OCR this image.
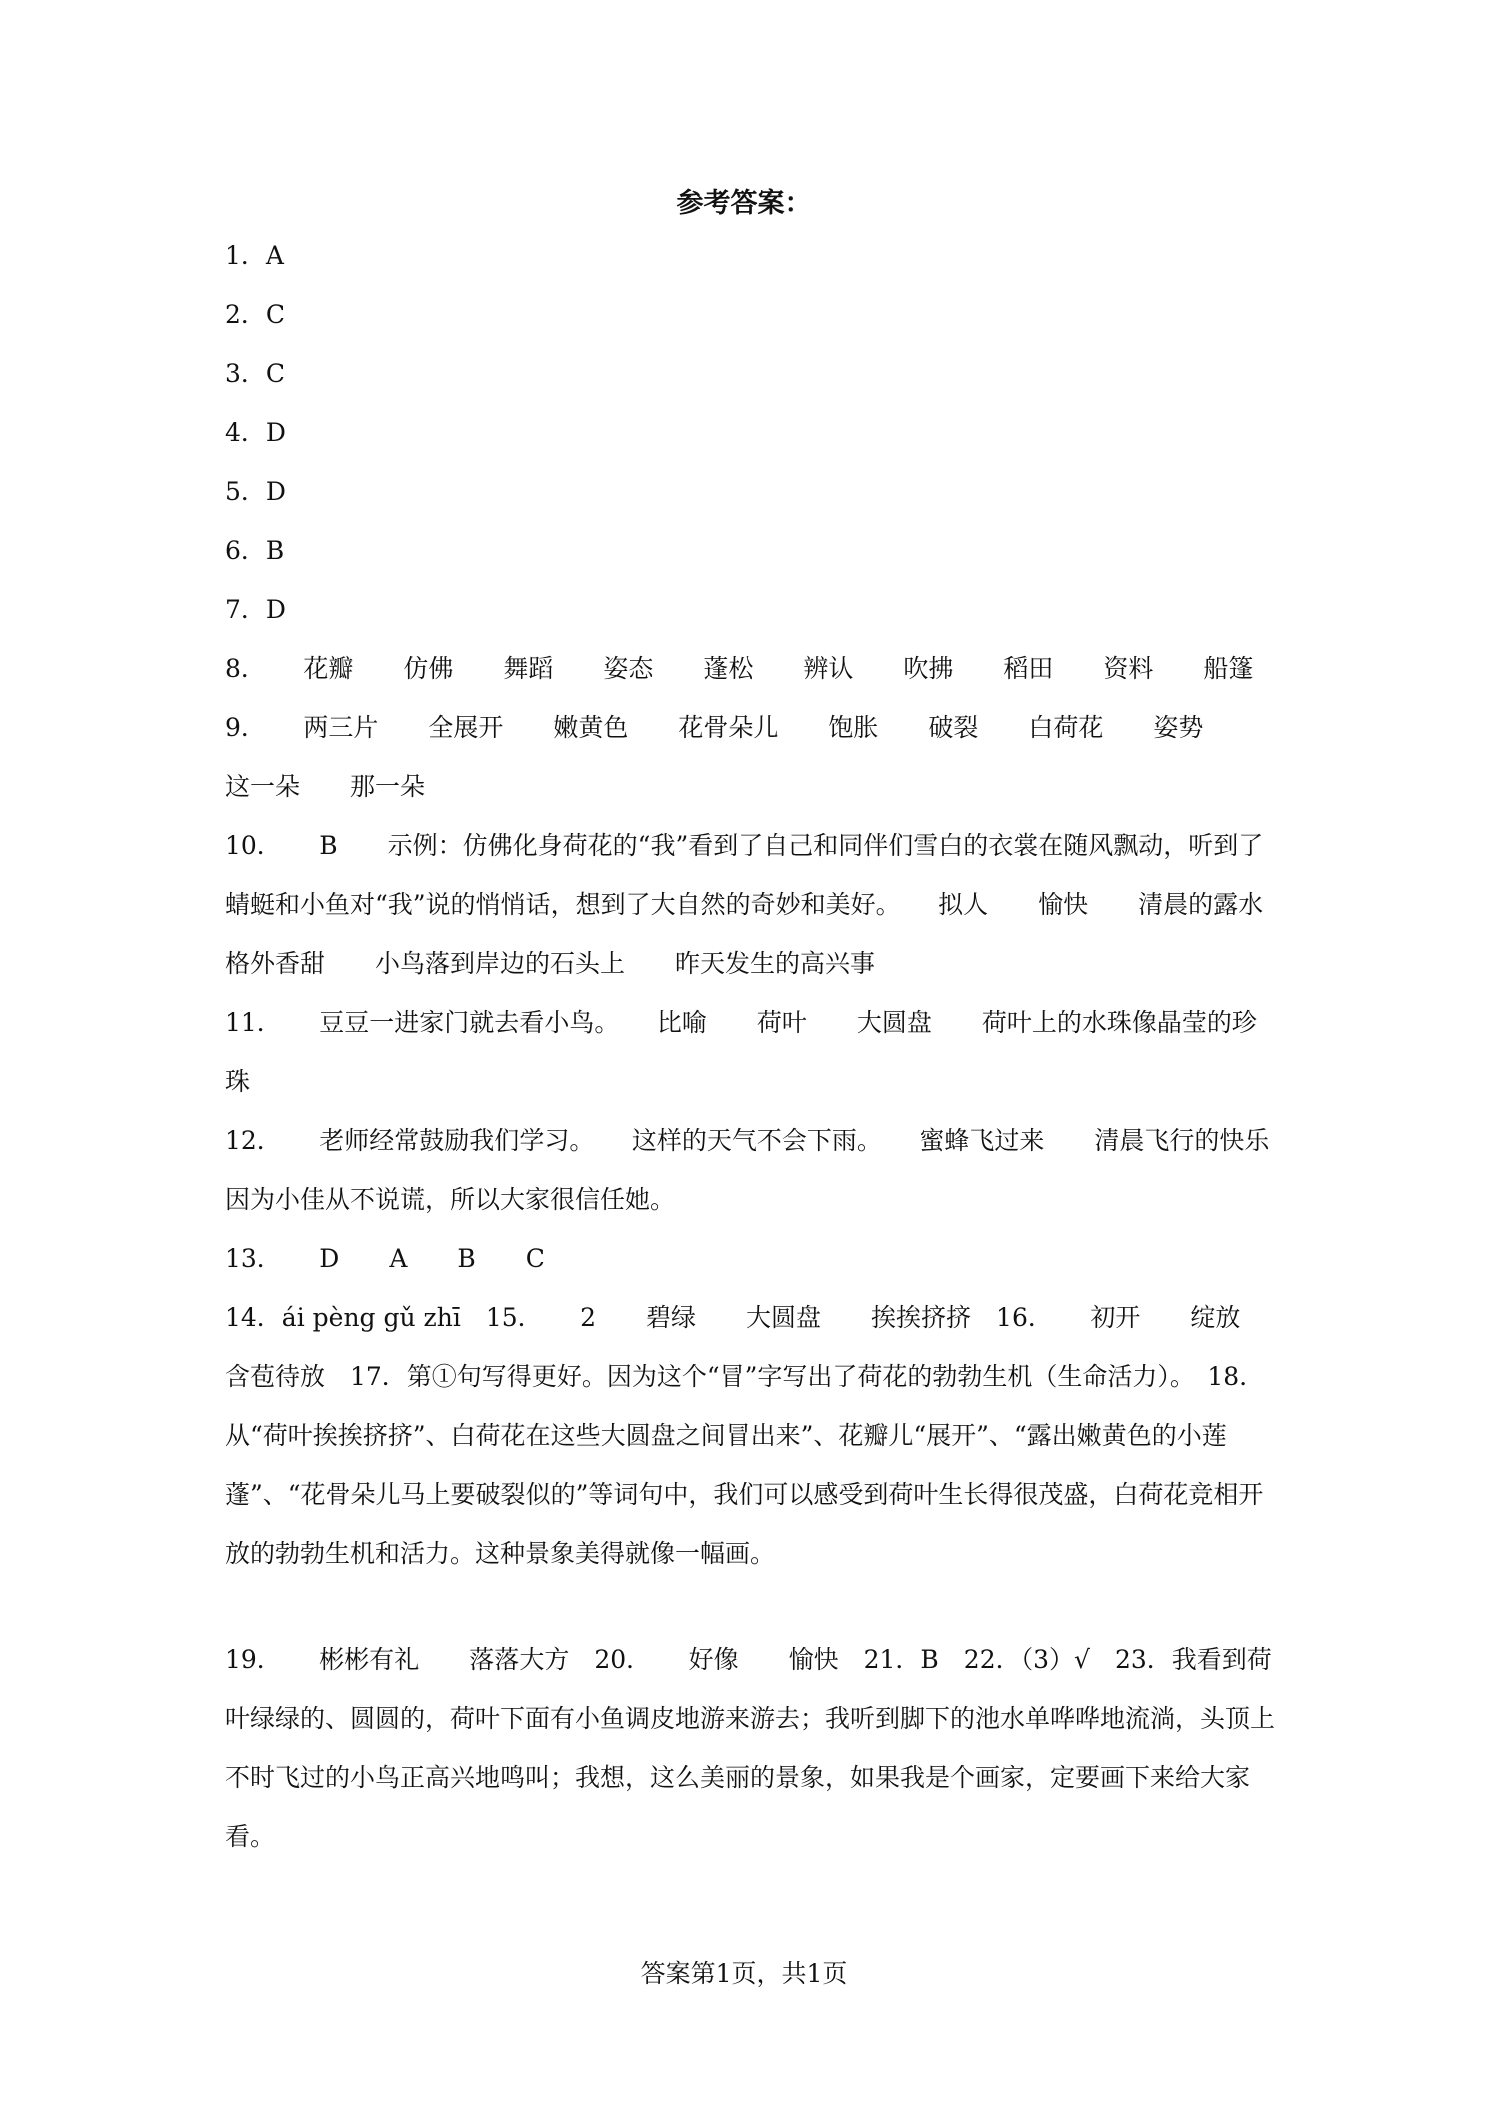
参考答案：
1．A
2．C
3．C
4．D
5．D
6．B
7．D
8．　　花瓣　　仿佛　　舞蹈　　姿态　　蓬松　　辨认　　吹拂　　稻田　　资料　　船篷
9．　　两三片　　全展开　　嫩黄色　　花骨朵儿　　饱胀　　破裂　　白荷花　　姿势　　这一朵　　那一朵
10．　　B　　示例：仿佛化身荷花的“我”看到了自己和同伴们雪白的衣裳在随风飘动，听到了蜻蜓和小鱼对“我”说的悄悄话，想到了大自然的奇妙和美好。　　拟人　　愉快　　清晨的露水格外香甜　　小鸟落到岸边的石头上　　昨天发生的高兴事
11．　　豆豆一进家门就去看小鸟。　　比喻　　荷叶　　大圆盘　　荷叶上的水珠像晶莹的珍珠
12．　　老师经常鼓励我们学习。　　这样的天气不会下雨。　　蜜蜂飞过来　　清晨飞行的快乐　　因为小佳从不说谎，所以大家很信任她。
13．　　D　　A　　B　　C
14．ái pèng gǔ zhī　15．　　2　　碧绿　　大圆盘　　挨挨挤挤　16．　　初开　　绽放　　含苞待放　17．第①句写得更好。因为这个“冒”字写出了荷花的勃勃生机（生命活力）。　18．从“荷叶挨挨挤挤”、白荷花在这些大圆盘之间冒出来”、花瓣儿“展开”、“露出嫩黄色的小莲蓬”、“花骨朵儿马上要破裂似的”等词句中，我们可以感受到荷叶生长得很茂盛，白荷花竞相开放的勃勃生机和活力。这种景象美得就像一幅画。
19．　　彬彬有礼　　落落大方　20．　　好像　　愉快　21．B　22．（3）√　23．我看到荷叶绿绿的、圆圆的，荷叶下面有小鱼调皮地游来游去；我听到脚下的池水单哗哗地流淌，头顶上不时飞过的小鸟正高兴地鸣叫；我想，这么美丽的景象，如果我是个画家，定要画下来给大家看。
答案第1页，共1页
